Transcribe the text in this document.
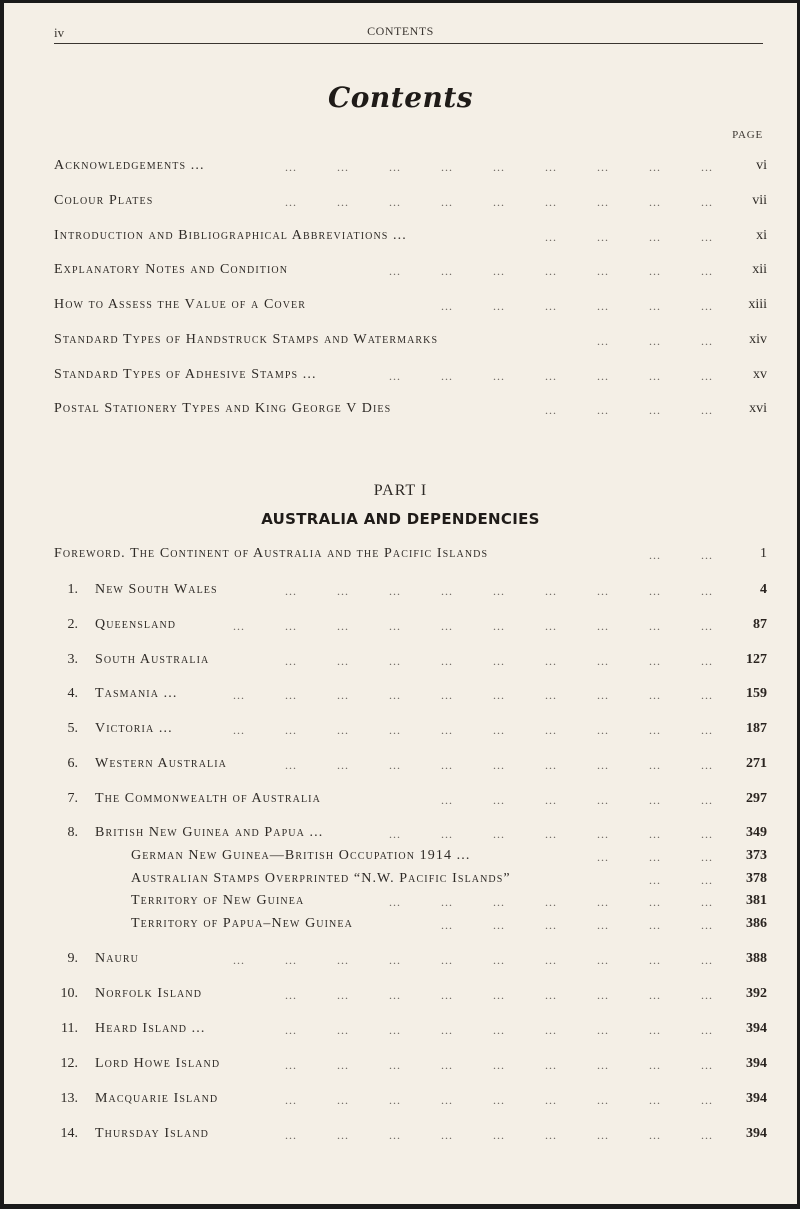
iv	CONTENTS
Contents
PAGE
Acknowledgements ...	...	...	...	...	...	...	...	...	...	vi
Colour Plates	...	...	...	...	...	...	...	...	...	vii
Introduction and Bibliographical Abbreviations ...	...	...	...	...	xi
Explanatory Notes and Condition	...	...	...	...	...	...	...	xii
How to Assess the Value of a Cover	...	...	...	...	...	...	xiii
Standard Types of Handstruck Stamps and Watermarks	...	...	...	xiv
Standard Types of Adhesive Stamps ...	...	...	...	...	...	...	...	xv
Postal Stationery Types and King George V Dies	...	...	...	...	xvi
PART I
AUSTRALIA AND DEPENDENCIES
Foreword. The Continent of Australia and the Pacific Islands	...	...	1
1. New South Wales	...	...	...	...	...	...	...	...	...	4
2. Queensland	...	...	...	...	...	...	...	...	...	...	87
3. South Australia	...	...	...	...	...	...	...	...	... 127
4. Tasmania ...	...	...	...	...	...	...	...	...	...	... 159
5. Victoria ...	...	...	...	...	...	...	...	...	...	... 187
6. Western Australia	...	...	...	...	...	...	...	...	... 271
7. The Commonwealth of Australia	...	...	...	...	...	... 297
8. British New Guinea and Papua ...	...	...	...	...	...	...	... 349
German New Guinea—British Occupation 1914 ...	...	...	... 373
Australian Stamps Overprinted “N.W. Pacific Islands”	...	... 378
Territory of New Guinea	...	...	...	...	...	...	... 381
Territory of Papua–New Guinea	...	...	...	...	...	... 386
9. Nauru	...	...	...	...	...	...	...	...	...	... 388
10. Norfolk Island	...	...	...	...	...	...	...	...	... 392
11. Heard Island ...	...	...	...	...	...	...	...	...	... 394
12. Lord Howe Island	...	...	...	...	...	...	...	...	... 394
13. Macquarie Island	...	...	...	...	...	...	...	...	... 394
14. Thursday Island	...	...	...	...	...	...	...	...	... 394
